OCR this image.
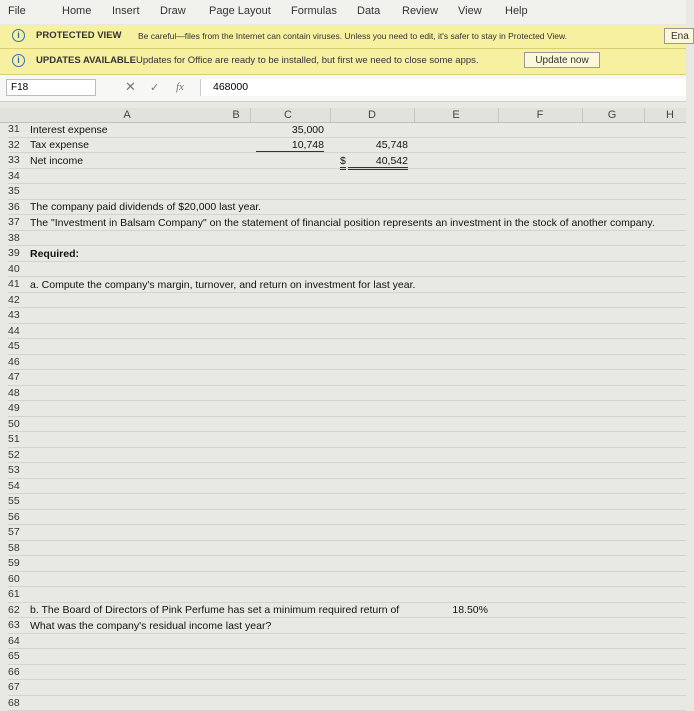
File	Home Insert Draw Page Layout Formulas Data Review View Help
i	PROTECTED VIEW Be careful—files from the Internet can contain viruses. Unless you need to edit, it's safer to stay in Protected View.	Ena
i	UPDATES AVAILABLE Updates for Office are ready to be installed, but first we need to close some apps.	Update now
F18	✕ ✓ fx	468000
A	B	C	D	E	F	G	H
31 Interest expense	35,000
32 Tax expense	10,748	45,748
33 Net income	$	40,542
34
35
36 The company paid dividends of $20,000 last year.
37 The "Investment in Balsam Company" on the statement of financial position represents an investment in the stock of another company.
38
39 Required:
40
41 a. Compute the company's margin, turnover, and return on investment for last year.
42
43
44
45
46
47
48
49
50
51
52
53
54
55
56
57
58
59
60
61
62 b. The Board of Directors of Pink Perfume has set a minimum required return of	18.50%
63 What was the company's residual income last year?
64
65
66
67
68
